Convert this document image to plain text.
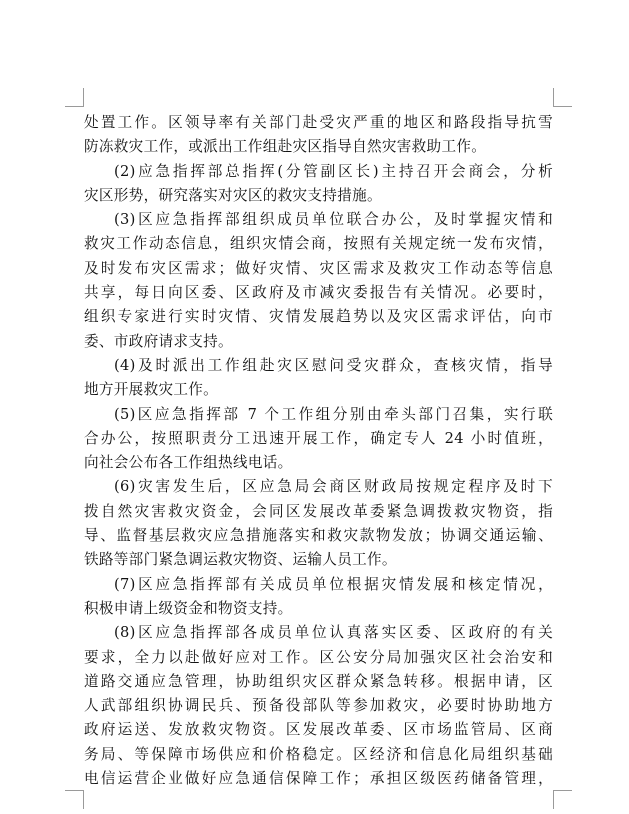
处置工作。区领导率有关部门赴受灾严重的地区和路段指导抗雪
防冻救灾工作，或派出工作组赴灾区指导自然灾害救助工作。
(2)应急指挥部总指挥(分管副区长)主持召开会商会，分析
灾区形势，研究落实对灾区的救灾支持措施。
(3)区应急指挥部组织成员单位联合办公，及时掌握灾情和
救灾工作动态信息，组织灾情会商，按照有关规定统一发布灾情，
及时发布灾区需求；做好灾情、灾区需求及救灾工作动态等信息
共享，每日向区委、区政府及市减灾委报告有关情况。必要时，
组织专家进行实时灾情、灾情发展趋势以及灾区需求评估，向市
委、市政府请求支持。
(4)及时派出工作组赴灾区慰问受灾群众，查核灾情，指导
地方开展救灾工作。
(5)区应急指挥部 7 个工作组分别由牵头部门召集，实行联
合办公，按照职责分工迅速开展工作，确定专人 24 小时值班，
向社会公布各工作组热线电话。
(6)灾害发生后，区应急局会商区财政局按规定程序及时下
拨自然灾害救灾资金，会同区发展改革委紧急调拨救灾物资，指
导、监督基层救灾应急措施落实和救灾款物发放；协调交通运输、
铁路等部门紧急调运救灾物资、运输人员工作。
(7)区应急指挥部有关成员单位根据灾情发展和核定情况，
积极申请上级资金和物资支持。
(8)区应急指挥部各成员单位认真落实区委、区政府的有关
要求，全力以赴做好应对工作。区公安分局加强灾区社会治安和
道路交通应急管理，协助组织灾区群众紧急转移。根据申请，区
人武部组织协调民兵、预备役部队等参加救灾，必要时协助地方
政府运送、发放救灾物资。区发展改革委、区市场监管局、区商
务局、等保障市场供应和价格稳定。区经济和信息化局组织基础
电信运营企业做好应急通信保障工作；承担区级医药储备管理，
